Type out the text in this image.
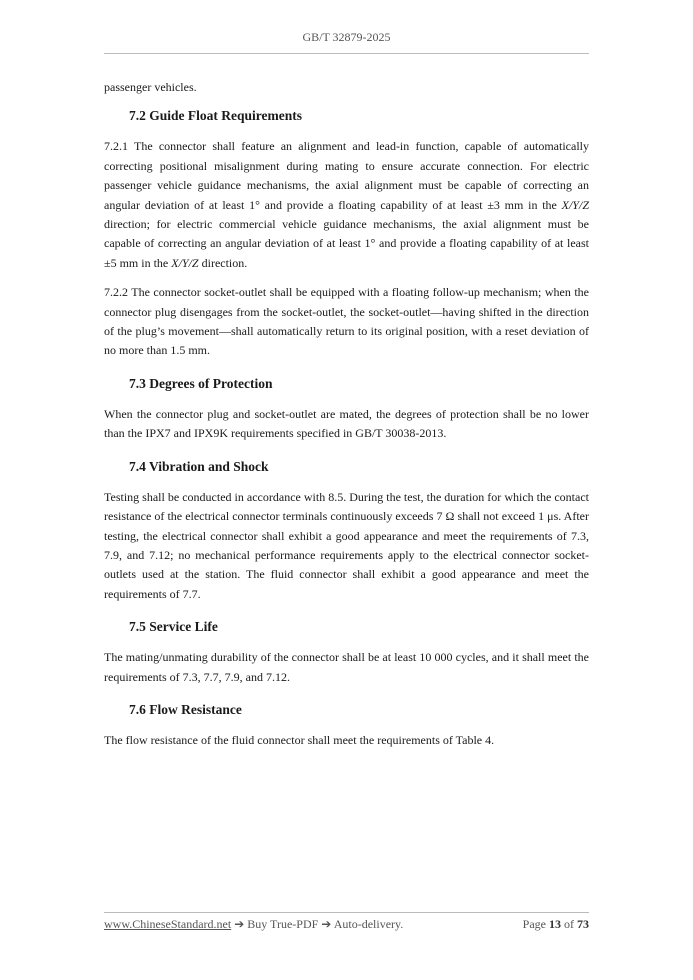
GB/T 32879-2025

passenger vehicles.

7.2 Guide Float Requirements

7.2.1 The connector shall feature an alignment and lead-in function, capable of automatically correcting positional misalignment during mating to ensure accurate connection. For electric passenger vehicle guidance mechanisms, the axial alignment must be capable of correcting an angular deviation of at least 1° and provide a floating capability of at least ±3 mm in the X/Y/Z direction; for electric commercial vehicle guidance mechanisms, the axial alignment must be capable of correcting an angular deviation of at least 1° and provide a floating capability of at least ±5 mm in the X/Y/Z direction.

7.2.2 The connector socket-outlet shall be equipped with a floating follow-up mechanism; when the connector plug disengages from the socket-outlet, the socket-outlet—having shifted in the direction of the plug’s movement—shall automatically return to its original position, with a reset deviation of no more than 1.5 mm.

7.3 Degrees of Protection

When the connector plug and socket-outlet are mated, the degrees of protection shall be no lower than the IPX7 and IPX9K requirements specified in GB/T 30038-2013.

7.4 Vibration and Shock

Testing shall be conducted in accordance with 8.5. During the test, the duration for which the contact resistance of the electrical connector terminals continuously exceeds 7 Ω shall not exceed 1 μs. After testing, the electrical connector shall exhibit a good appearance and meet the requirements of 7.3, 7.9, and 7.12; no mechanical performance requirements apply to the electrical connector socket-outlets used at the station. The fluid connector shall exhibit a good appearance and meet the requirements of 7.7.

7.5 Service Life

The mating/unmating durability of the connector shall be at least 10 000 cycles, and it shall meet the requirements of 7.3, 7.7, 7.9, and 7.12.

7.6 Flow Resistance

The flow resistance of the fluid connector shall meet the requirements of Table 4.

www.ChineseStandard.net ➔ Buy True-PDF ➔ Auto-delivery.	Page 13 of 73
